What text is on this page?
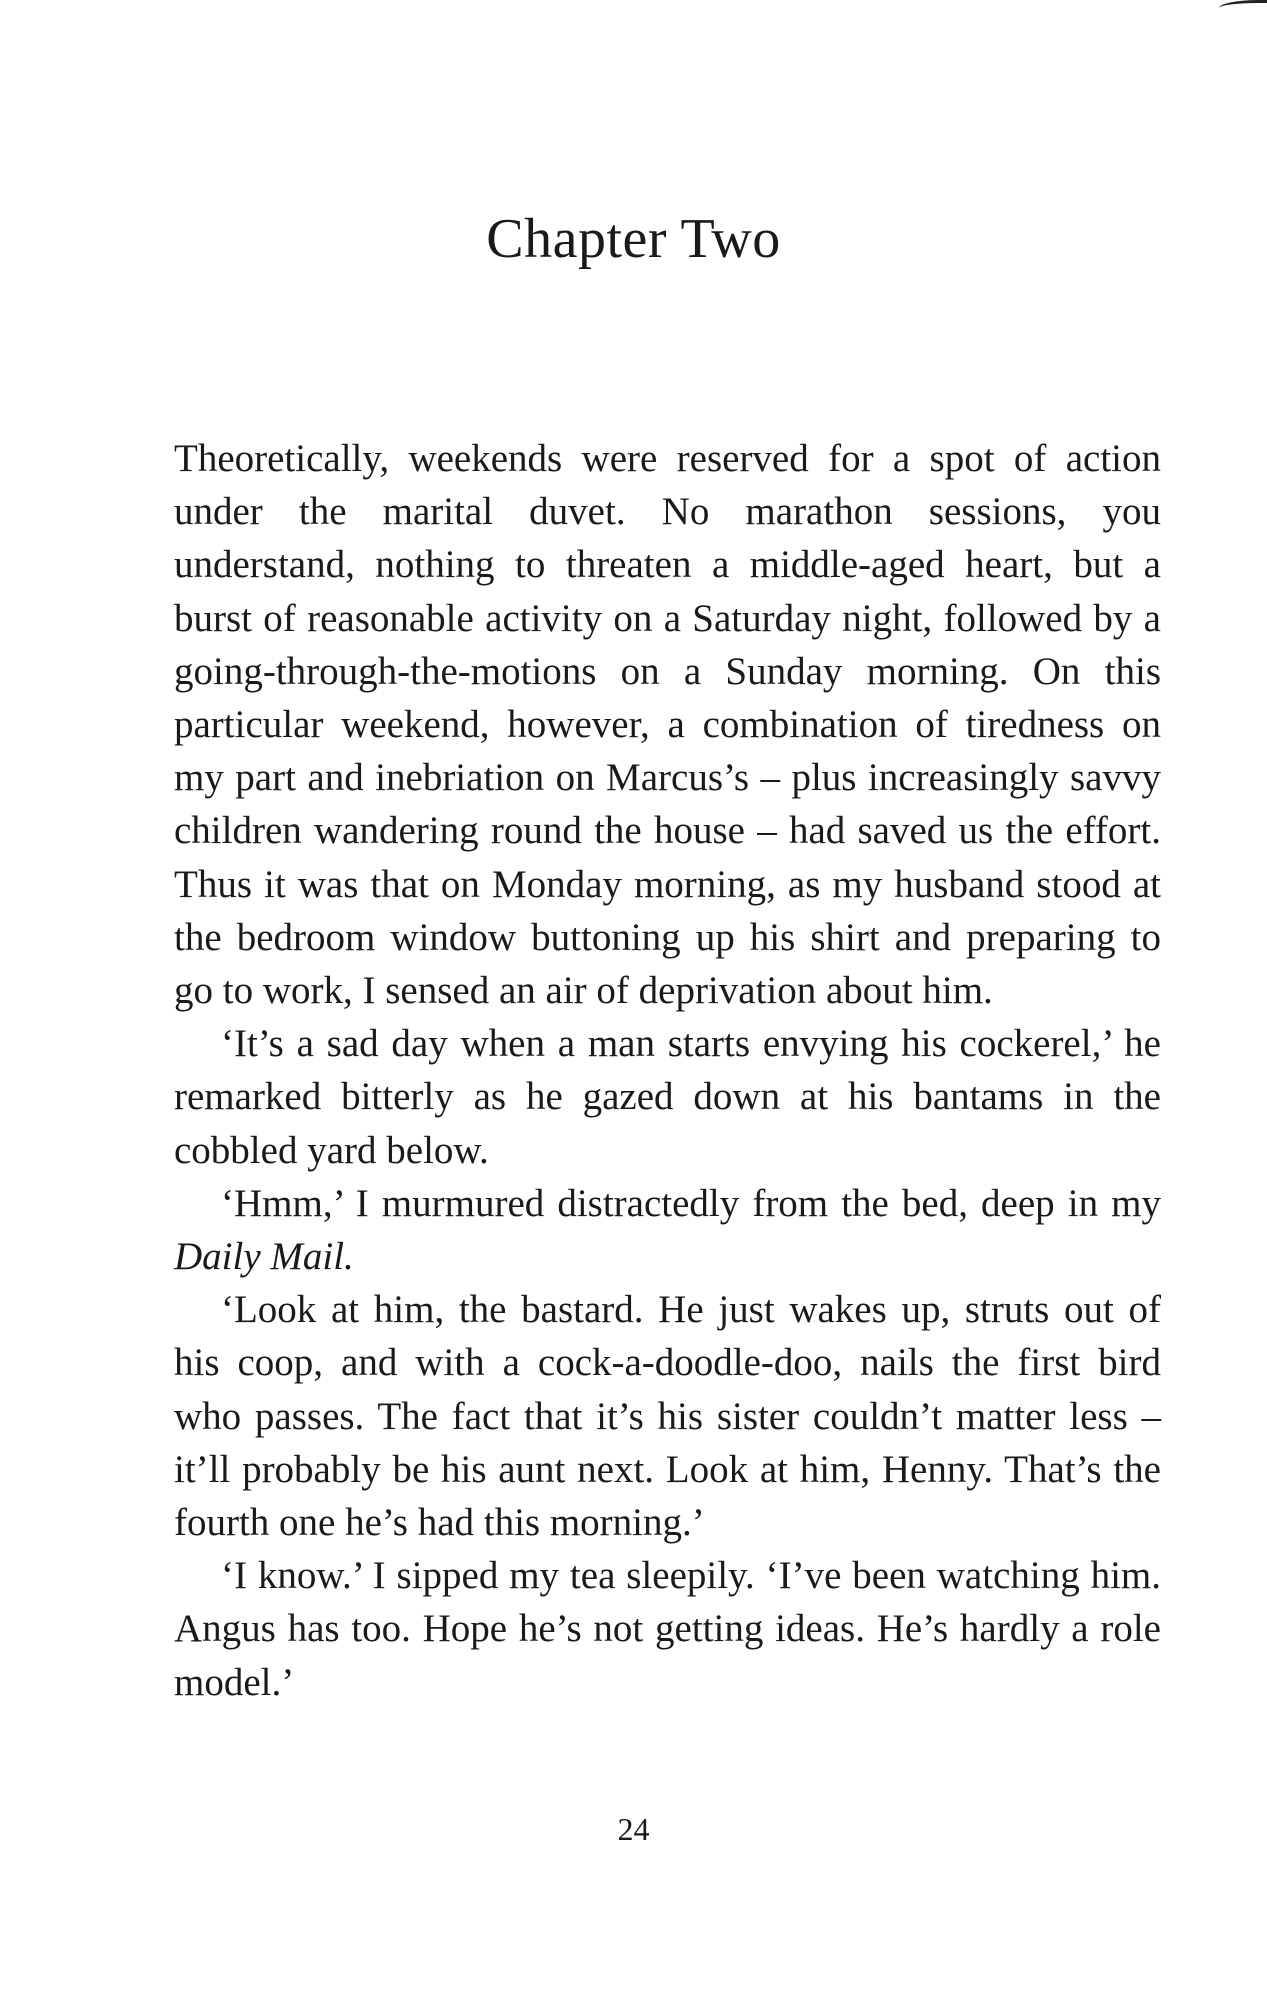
Chapter Two

Theoretically, weekends were reserved for a spot of action under the marital duvet. No marathon sessions, you understand, nothing to threaten a middle-aged heart, but a burst of reasonable activity on a Saturday night, followed by a going-through-the-motions on a Sunday morning. On this particular weekend, however, a combination of tiredness on my part and inebriation on Marcus’s – plus increasingly savvy children wandering round the house – had saved us the effort. Thus it was that on Monday morning, as my husband stood at the bedroom window buttoning up his shirt and preparing to go to work, I sensed an air of deprivation about him.

‘It’s a sad day when a man starts envying his cockerel,’ he remarked bitterly as he gazed down at his bantams in the cobbled yard below.

‘Hmm,’ I murmured distractedly from the bed, deep in my Daily Mail.

‘Look at him, the bastard. He just wakes up, struts out of his coop, and with a cock-a-doodle-doo, nails the first bird who passes. The fact that it’s his sister couldn’t matter less – it’ll probably be his aunt next. Look at him, Henny. That’s the fourth one he’s had this morning.’

‘I know.’ I sipped my tea sleepily. ‘I’ve been watching him. Angus has too. Hope he’s not getting ideas. He’s hardly a role model.’

24
